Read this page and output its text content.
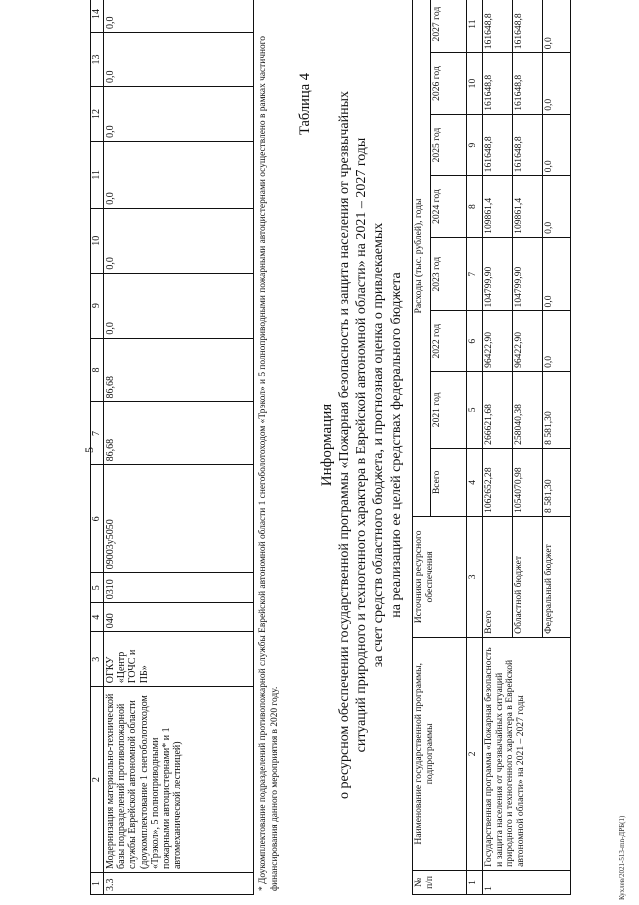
5
1	2	3	4	5	6	7	8	9	10	11	12	13	14
3.3	Модернизация материально-технической базы подразделений противопожарной службы Еврейской автономной области (доукомплектование 1 снегоболотоходом «Трэкол», 5 полноприводными пожарными автоцистернами* и 1 автомеханической лестницей)	ОГКУ «Центр ГОЧС и ПБ»	040	0310	09003у5050	86,68	86,68	0,0	0,0	0,0	0,0	0,0	0,0
* Доукомплектование подразделений противопожарной службы Еврейской автономной области 1 снегоболотоходом «Трэкол» и 5 полноприводными пожарными автоцистернами осуществлено в рамках частичного финансирования данного мероприятия в 2020 году.
Таблица 4
Информация о ресурсном обеспечении государственной программы «Пожарная безопасность и защита населения от чрезвычайных ситуаций природного и техногенного характера в Еврейской автономной области» на 2021 – 2027 годы за счет средств областного бюджета, и прогнозная оценка о привлекаемых на реализацию ее целей средствах федерального бюджета
№ п/п	Наименование государственной программы, подпрограммы	Источники ресурсного обеспечения	Расходы (тыс. рублей), годы							
			Всего	2021 год	2022 год	2023 год	2024 год	2025 год	2026 год	2027 год
1	2	3	4	5	6	7	8	9	10	11
1	Государственная программа «Пожарная безопасность и защита населения от чрезвычайных ситуаций природного и техногенного характера в Еврейской автономной области» на 2021 – 2027 годы	Всего	1062652,28	266621,68	96422,90	104799,90	109861,4	161648,8	161648,8	161648,8
		Областной бюджет	1054070,98	258040,38	96422,90	104799,90	109861,4	161648,8	161648,8	161648,8
		Федеральный бюджет	8 581,30	8 581,30	0,0	0,0	0,0	0,0	0,0	0,0
Кухлев/2021-513-mn-ДРБ(1)
